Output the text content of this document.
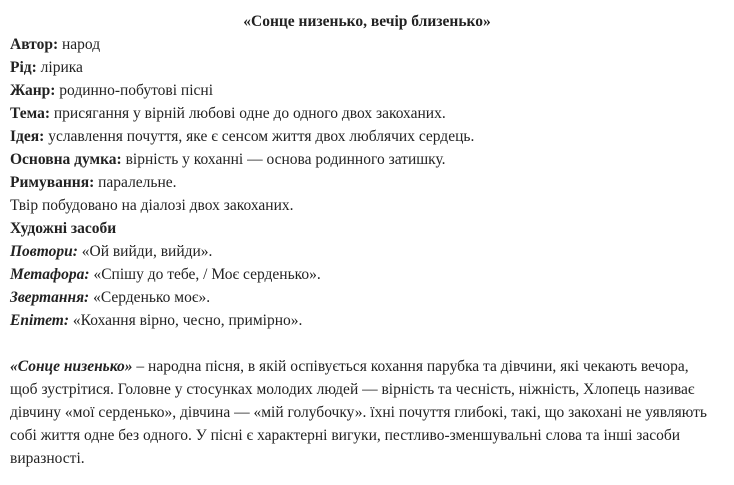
«Сонце низенько, вечір близенько»
Автор: народ
Рід: лірика
Жанр: родинно-побутові пісні
Тема: присягання у вірній любові одне до одного двох закоханих.
Ідея: уславлення почуття, яке є сенсом життя двох люблячих сердець.
Основна думка: вірність у коханні — основа родинного затишку.
Римування: паралельне.
Твір побудовано на діалозі двох закоханих.
Художні засоби
Повтори: «Ой вийди, вийди».
Метафора: «Спішу до тебе, / Моє серденько».
Звертання: «Серденько моє».
Епітет: «Кохання вірно, чесно, примірно».
«Сонце низенько» – народна пісня, в якій оспівується кохання парубка та дівчини, які чекають вечора,
щоб зустрітися. Головне у стосунках молодих людей — вірність та чесність, ніжність, Хлопець називає
дівчину «мої серденько», дівчина — «мій голубочку». їхні почуття глибокі, такі, що закохані не уявляють
собі життя одне без одного. У пісні є характерні вигуки, пестливо-зменшувальні слова та інші засоби
виразності.
